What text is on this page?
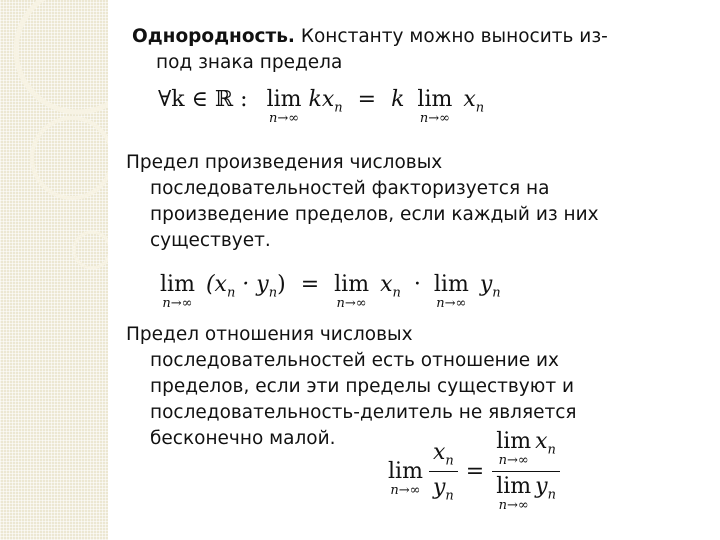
Однородность. Константу можно выносить из-
под знака предела
∀k ∈ ℝ : lim
n→∞
$kx_n = k$ lim
n→∞
$x_n$
Предел произведения числовых
последовательностей факторизуется на
произведение пределов, если каждый из них
существует.
lim
n→∞
$(x_n \cdot y_n) = \lim$
n→∞
$x_n \cdot \lim$
n→∞
$y_n$
Предел отношения числовых
последовательностей есть отношение их
пределов, если эти пределы существуют и
последовательность-делитель не является
бесконечно малой.
lim
$n\to\infty \frac{x_n}{y_n} = \lim$
n→∞
$x_n$
lim
n→∞
$y_n$
